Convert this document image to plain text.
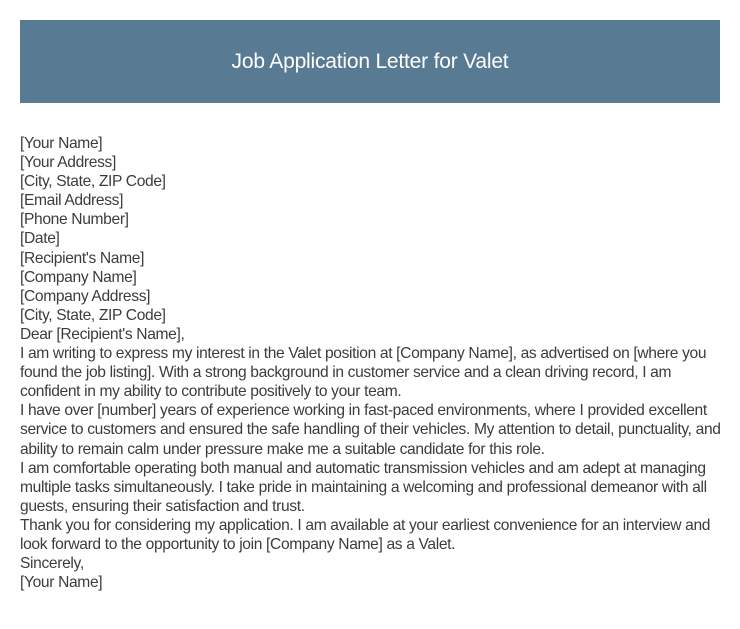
Job Application Letter for Valet
[Your Name]
[Your Address]
[City, State, ZIP Code]
[Email Address]
[Phone Number]
[Date]
[Recipient's Name]
[Company Name]
[Company Address]
[City, State, ZIP Code]
Dear [Recipient's Name],
I am writing to express my interest in the Valet position at [Company Name], as advertised on [where you found the job listing]. With a strong background in customer service and a clean driving record, I am confident in my ability to contribute positively to your team.
I have over [number] years of experience working in fast-paced environments, where I provided excellent service to customers and ensured the safe handling of their vehicles. My attention to detail, punctuality, and ability to remain calm under pressure make me a suitable candidate for this role.
I am comfortable operating both manual and automatic transmission vehicles and am adept at managing multiple tasks simultaneously. I take pride in maintaining a welcoming and professional demeanor with all guests, ensuring their satisfaction and trust.
Thank you for considering my application. I am available at your earliest convenience for an interview and look forward to the opportunity to join [Company Name] as a Valet.
Sincerely,
[Your Name]
